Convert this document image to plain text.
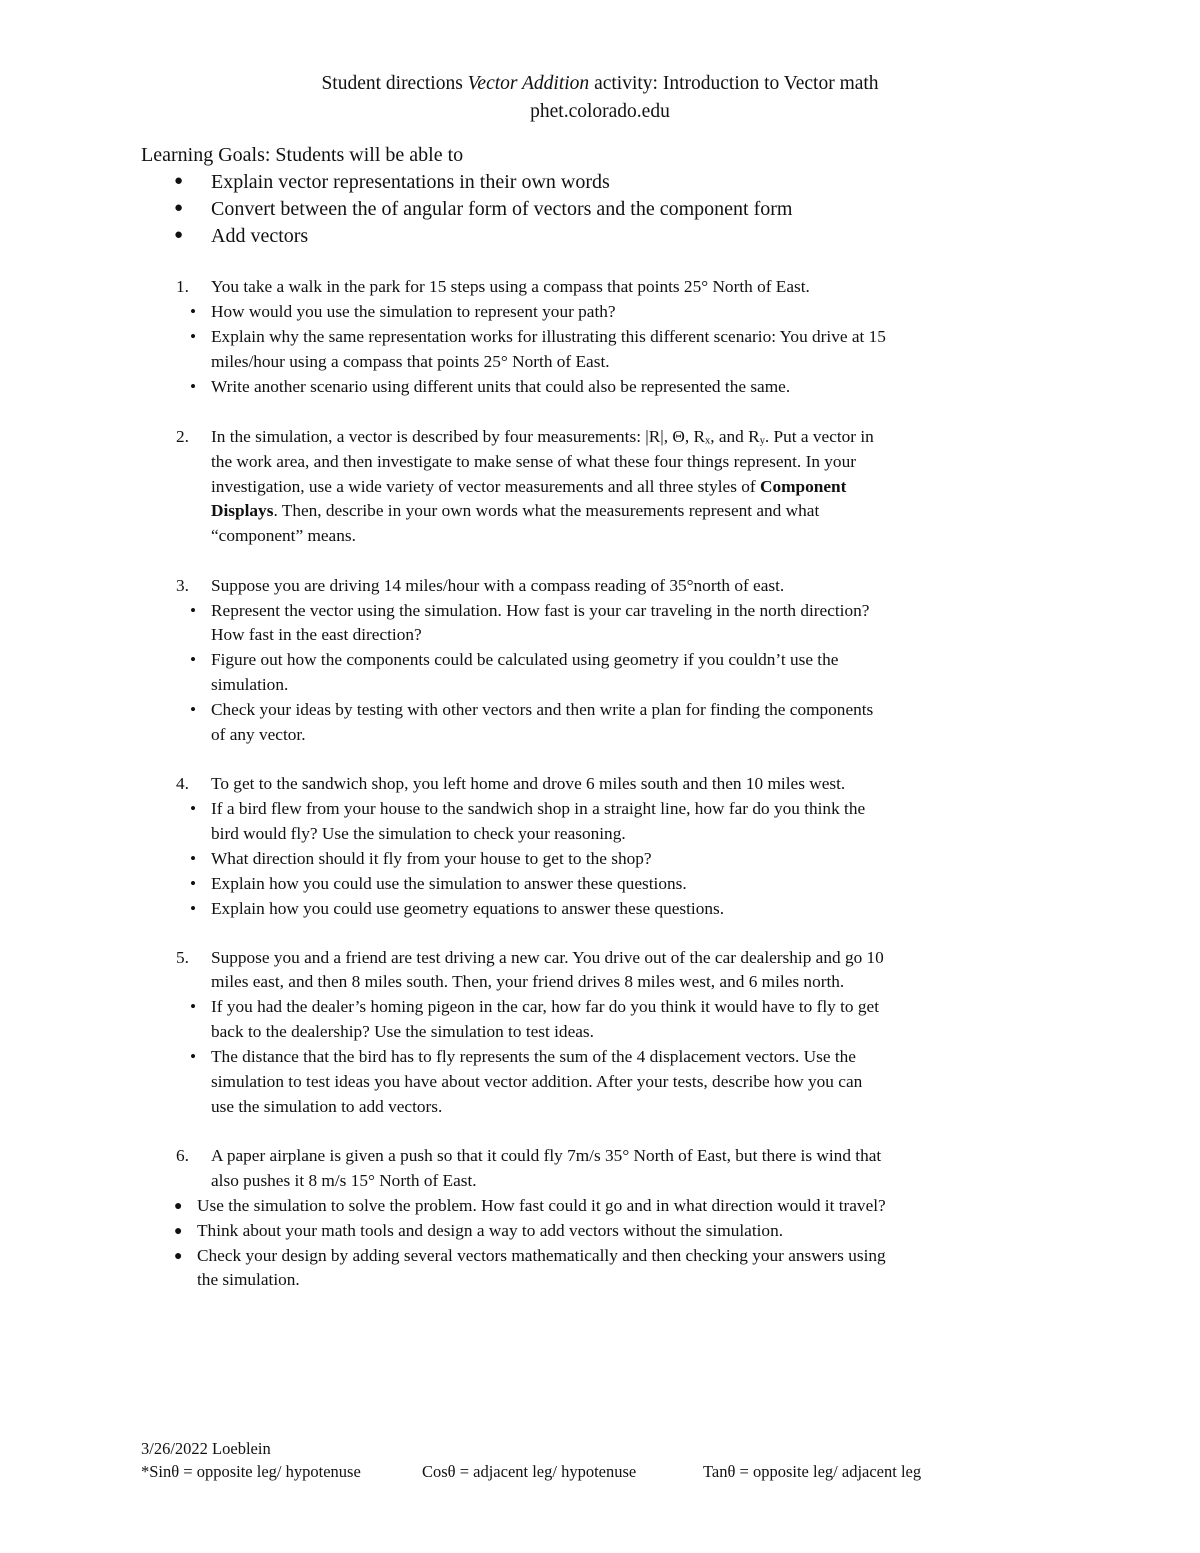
Student directions Vector Addition activity: Introduction to Vector math
phet.colorado.edu
Learning Goals: Students will be able to
● Explain vector representations in their own words
● Convert between the of angular form of vectors and the component form
● Add vectors
1. You take a walk in the park for 15 steps using a compass that points 25° North of East.
• How would you use the simulation to represent your path?
• Explain why the same representation works for illustrating this different scenario: You drive at 15
miles/hour using a compass that points 25° North of East.
• Write another scenario using different units that could also be represented the same.
2. In the simulation, a vector is described by four measurements: |R|, Θ, $R_x$, and $R_y$. Put a vector in
the work area, and then investigate to make sense of what these four things represent. In your
investigation, use a wide variety of vector measurements and all three styles of Component
Displays. Then, describe in your own words what the measurements represent and what
“component” means.
3. Suppose you are driving 14 miles/hour with a compass reading of 35°north of east.
• Represent the vector using the simulation. How fast is your car traveling in the north direction?
How fast in the east direction?
• Figure out how the components could be calculated using geometry if you couldn’t use the
simulation.
• Check your ideas by testing with other vectors and then write a plan for finding the components
of any vector.
4. To get to the sandwich shop, you left home and drove 6 miles south and then 10 miles west.
• If a bird flew from your house to the sandwich shop in a straight line, how far do you think the
bird would fly? Use the simulation to check your reasoning.
• What direction should it fly from your house to get to the shop?
• Explain how you could use the simulation to answer these questions.
• Explain how you could use geometry equations to answer these questions.
5. Suppose you and a friend are test driving a new car. You drive out of the car dealership and go 10
miles east, and then 8 miles south. Then, your friend drives 8 miles west, and 6 miles north.
• If you had the dealer’s homing pigeon in the car, how far do you think it would have to fly to get
back to the dealership? Use the simulation to test ideas.
• The distance that the bird has to fly represents the sum of the 4 displacement vectors. Use the
simulation to test ideas you have about vector addition. After your tests, describe how you can
use the simulation to add vectors.
6. A paper airplane is given a push so that it could fly 7m/s 35° North of East, but there is wind that
also pushes it 8 m/s 15° North of East.
● Use the simulation to solve the problem. How fast could it go and in what direction would it travel?
● Think about your math tools and design a way to add vectors without the simulation.
● Check your design by adding several vectors mathematically and then checking your answers using
the simulation.
3/26/2022 Loeblein
*Sinθ = opposite leg/ hypotenuse	Cosθ = adjacent leg/ hypotenuse	Tanθ = opposite leg/ adjacent leg
